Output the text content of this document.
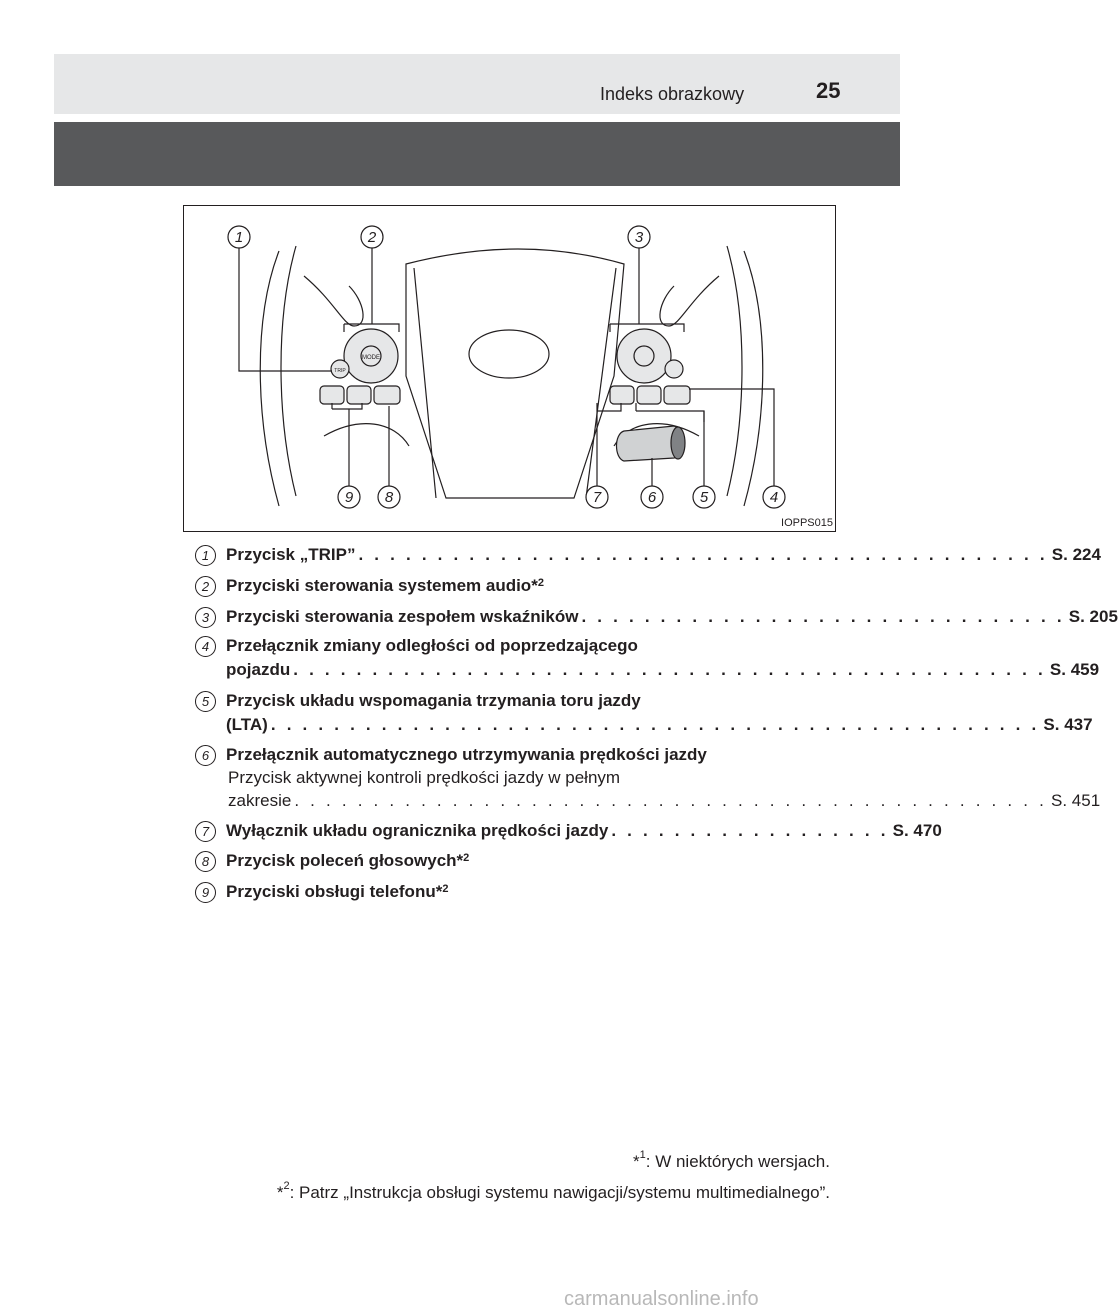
Indeks obrazkowy	25
MODE
TRIP
1	2	3
4
5
6
7
8
9
IOPPS015
1 Przycisk „TRIP” . . . . . . . . . . . . . . . . . . . . . . . . . . . . . . . . . . . . . . . . . . . . S. 224
2 Przyciski sterowania systemem audio*$^2$
3 Przyciski sterowania zespołem wskaźników . . . . . . . . . . . . . . . . . . . . . . . . . . . . . . . S. 205
4 Przełącznik zmiany odległości od poprzedzającego
pojazdu . . . . . . . . . . . . . . . . . . . . . . . . . . . . . . . . . . . . . . . . . . . . . . . . S. 459
5 Przycisk układu wspomagania trzymania toru jazdy
(LTA) . . . . . . . . . . . . . . . . . . . . . . . . . . . . . . . . . . . . . . . . . . . . . . . . . S. 437
6 Przełącznik automatycznego utrzymywania prędkości jazdy
Przycisk aktywnej kontroli prędkości jazdy w pełnym
zakresie . . . . . . . . . . . . . . . . . . . . . . . . . . . . . . . . . . . . . . . . . . . . . . . . S. 451
7 Wyłącznik układu ogranicznika prędkości jazdy . . . . . . . . . . . . . . . . . . S. 470
8 Przycisk poleceń głosowych*$^2$
9 Przyciski obsługi telefonu*$^2$
*$^1$: W niektórych wersjach.
*$^2$: Patrz „Instrukcja obsługi systemu nawigacji/systemu multimedialnego”.
carmanualsonline.info
